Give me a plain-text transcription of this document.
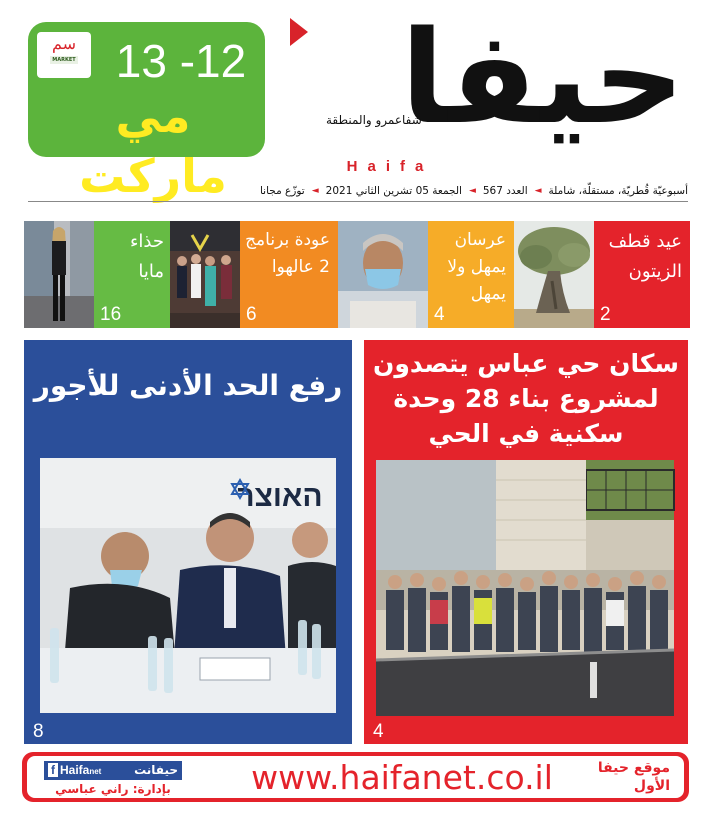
سم
MARKET 13 -12
مي ماركت
حيفا
شفاعمرو والمنطقة
Haifa
أسبوعيّة قُطريّة، مستقلّة، شاملة
◄
العدد 567
◄
الجمعة 05 تشرين الثاني 2021
◄
توزّع مجانا
حذاء مايا
16
عودة برنامج 2 عالهوا
6
عرسان يمهل ولا يمهل
4
عيد قطف الزيتون
2
رفع الحد الأدنى للأجور
האוצר
8
سكان حي عباس يتصدون لمشروع بناء 28 وحدة سكنية في الحي
4
حيفانت
f Haifanet
بإدارة: راني عباسي	www.haifanet.co.il	موقع حيفا الأول
